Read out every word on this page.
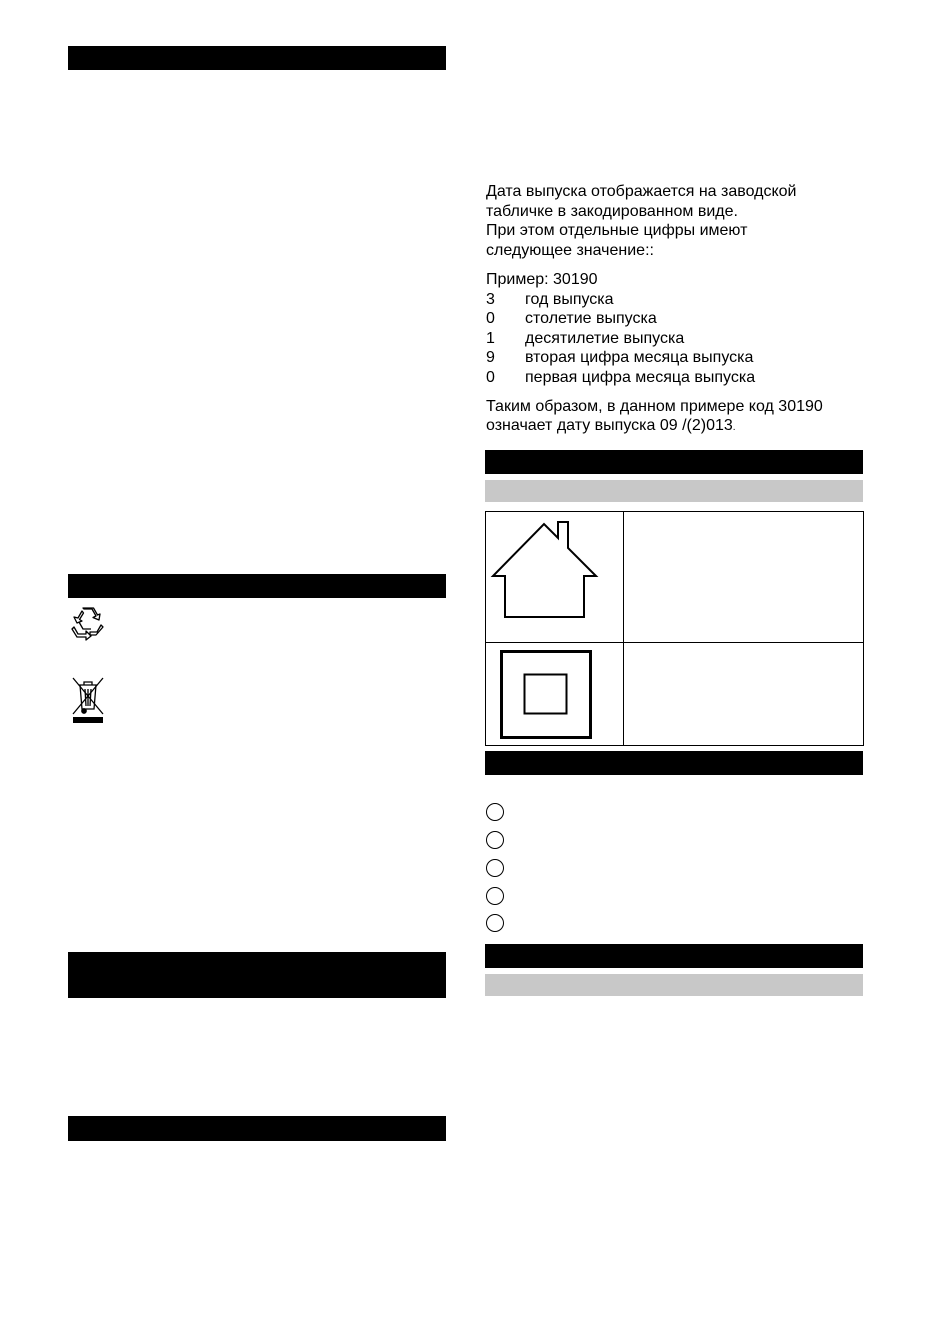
Дата выпуска отображается на заводской
табличке в закодированном виде.
При этом отдельные цифры имеют
следующее значение::
Пример: 30190
3 год выпуска
0 столетие выпуска
1 десятилетие выпуска
9 вторая цифра месяца выпуска
0 первая цифра месяца выпуска
Таким образом, в данном примере код 30190
означает дату выпуска 09 /(2)013.
